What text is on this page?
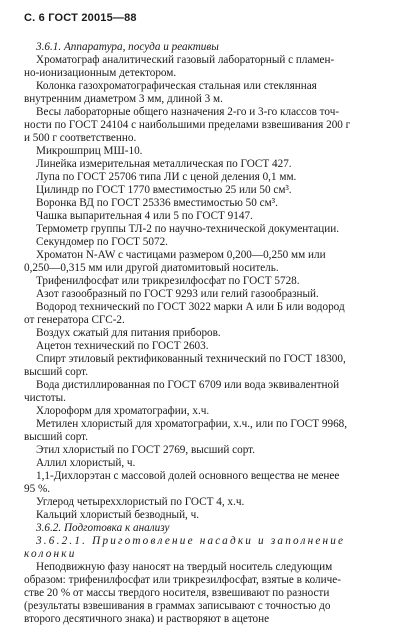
С. 6 ГОСТ 20015—88
3.6.1. Аппаратура, посуда и реактивы
Хроматограф аналитический газовый лабораторный с пламен-
но-ионизационным детектором.
Колонка газохроматографическая стальная или стеклянная
внутренним диаметром 3 мм, длиной 3 м.
Весы лабораторные общего назначения 2-го и 3-го классов точ-
ности по ГОСТ 24104 с наибольшими пределами взвешивания 200 г
и 500 г соответственно.
Микрошприц МШ-10.
Линейка измерительная металлическая по ГОСТ 427.
Лупа по ГОСТ 25706 типа ЛИ с ценой деления 0,1 мм.
Цилиндр по ГОСТ 1770 вместимостью 25 или 50 см³.
Воронка ВД по ГОСТ 25336 вместимостью 50 см³.
Чашка выпарительная 4 или 5 по ГОСТ 9147.
Термометр группы ТЛ-2 по научно-технической документации.
Секундомер по ГОСТ 5072.
Хроматон N-AW с частицами размером 0,200—0,250 мм или
0,250—0,315 мм или другой диатомитовый носитель.
Трифенилфосфат или трикрезилфосфат по ГОСТ 5728.
Азот газообразный по ГОСТ 9293 или гелий газообразный.
Водород технический по ГОСТ 3022 марки А или Б или водород
от генератора СГС-2.
Воздух сжатый для питания приборов.
Ацетон технический по ГОСТ 2603.
Спирт этиловый ректификованный технический по ГОСТ 18300,
высший сорт.
Вода дистиллированная по ГОСТ 6709 или вода эквивалентной
чистоты.
Хлороформ для хроматографии, х.ч.
Метилен хлористый для хроматографии, х.ч., или по ГОСТ 9968,
высший сорт.
Этил хлористый по ГОСТ 2769, высший сорт.
Аллил хлористый, ч.
1,1-Дихлорэтан с массовой долей основного вещества не менее
95 %.
Углерод четыреххлористый по ГОСТ 4, х.ч.
Кальций хлористый безводный, ч.
3.6.2. Подготовка к анализу
3.6.2.1. Приготовление насадки и заполнение
колонки
Неподвижную фазу наносят на твердый носитель следующим
образом: трифенилфосфат или трикрезилфосфат, взятые в количе-
стве 20 % от массы твердого носителя, взвешивают по разности
(результаты взвешивания в граммах записывают с точностью до
второго десятичного знака) и растворяют в ацетоне
